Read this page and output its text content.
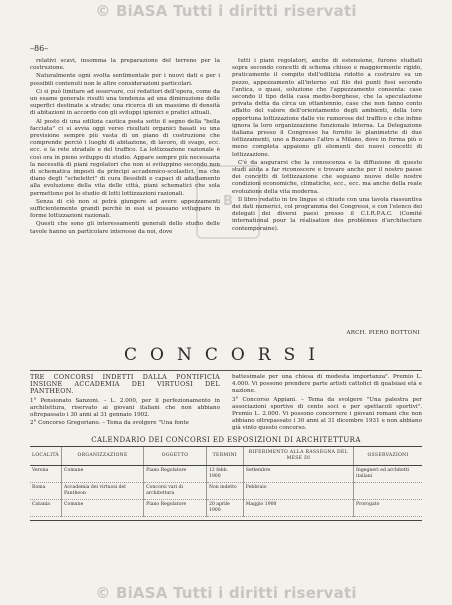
© BiASA Tutti i diritti riservati
B
–86–

relativi scavi, insomma la preparazione del terreno per la costruzione.

Naturalmente ogni svolta sentimentale per i nuovi dati e per i possibili contenuti non le altre considerazioni particolari.

Ci si può limitare ad osservare, coi redattori dell'opera, come da un esame generale risulti una tendenza ad una diminuzione delle superfici destinate a strade; una ricerca di un massimo di densità di abitazioni in accordo con gli sviluppi igienici e pratici attuali.

Al posto di una edilizia caotica posta sotto il segno della "bella facciata" ci si avvia oggi verso risultati organici basati su una previsione sempre più vasta di un piano di costruzione che comprende perciò i luoghi di abitazione, di lavoro, di svago, ecc. ecc. e la rete stradale e del traffico. La lottizzazione razionale è così ora in pieno sviluppo di studio. Appare sempre più necessaria la necessità di piani regolatori che non si sviluppino secondo non di schematica imposti da principi accademico-scolastici, ma che diano degli "schelettri" di cura flessibili e capaci di adattamento alla evoluzione della vita delle città, piani schematici che sola permettono poi lo studio di lotti lottizzazioni razionali.

Senza di ciò non si potrà giungere ad avere appezzamenti sufficientemente grandi perchè in essi si possano sviluppare in forme lottizzazioni razionali.

Questi che sono gli interessamenti generali dello studio delle tavole hanno un particolare interesse da noi, dove

tutti i piani regolatori, anche di estensione, furono studiati sopra secondo concetti di schema chiuso e maggiormente rigido, praticamente il compito dell'edilizia ridotto a costruire su un pezzo, appezzamento all'interno sul filo dei punti fissi secondo l'antica, o quasi, soluzione che l'appezzamento consenta: case secondo il tipo della casa medio-borghese, che la speculazione privata detta da circa un ottantennio, case che non fanno conto affatto del valore dell'orientamento degli ambienti, della loro opportuna lottizzazione dalle vie rumorose del traffico e che infine ignora la loro organizzazione funzionale interna. La Delegazione italiana presso il Congresso ha fornito le planimetrie di due lottizzamenti, uno a Bozzano l'altro a Milano, dove in forma più o meno completa appaiono gli elementi dei nuovi concetti di lottizzazione.

C'è da augurarsi che la conoscenza e la diffusione di questo studi aiuta a far riconoscere e trovare anche per il nostro paese dei concetti di lottizzazione che seguano nuove delle nostre condizioni economiche, climatiche, ecc., ecc. ma anche della reale evoluzione della vita moderna.

Il libro redatto in tre lingue si chiude con una tavola riassuntiva dei dati numerici, col programma dei Congressi, e con l'elenco dei delegati dei diversi paesi presso il C.I.R.P.A.C. (Comité international pour la réalisation des problèmes d'architecture contemporaine).

ARCH. PIERO BOTTONI
CONCORSI
TRE CONCORSI INDETTI DALLA PONTIFICIA INSIGNE ACCADEMIA DEI VIRTUOSI DEL PANTHEON.

1° Pensionato Sanzoni. – L. 2.000, per il perfezionamento in architettura, riservato ai giovani italiani che non abbiano oltrepassato i 30 anni al 31 gennaio 1902.

2° Concorso Gregoriano. – Tema da svolgere "Una fonte

battesimale per una chiesa di modesta importanza". Premio L. 4.000. Vi possono prendere parte artisti cattolici di qualsiasi età e nazione.

3° Concorso Appiani. – Tema da svolgere "Una palestra per associazioni sportive di cento soci e per spettacoli sportivi". Premio L. 2.000. Vi possono concorrere i giovani romani che non abbiano oltrepassato i 30 anni al 31 dicembre 1931 e non abbiano già vinto questo concorso.

CALENDARIO DEI CONCORSI ED ESPOSIZIONI DI ARCHITETTURA
LOCALITÀ	ORGANIZZAZIONE	OGGETTO	TERMINI	RIFERIMENTO ALLA RASSEGNA DEL MESE DI	OSSERVAZIONI
Verona	Comune	Piano Regolatore	12 febb. 1900	Settembre	Ingegneri ed architetti italiani
Roma	Accademia dei virtuosi del Pantheon	Concorsi vari di architettura	Non indetto	Febbraio	
Catania	Comune	Piano Regolatore	20 aprile 1900	Maggio 1900	Prorogato
© BiASA Tutti i diritti riservati
